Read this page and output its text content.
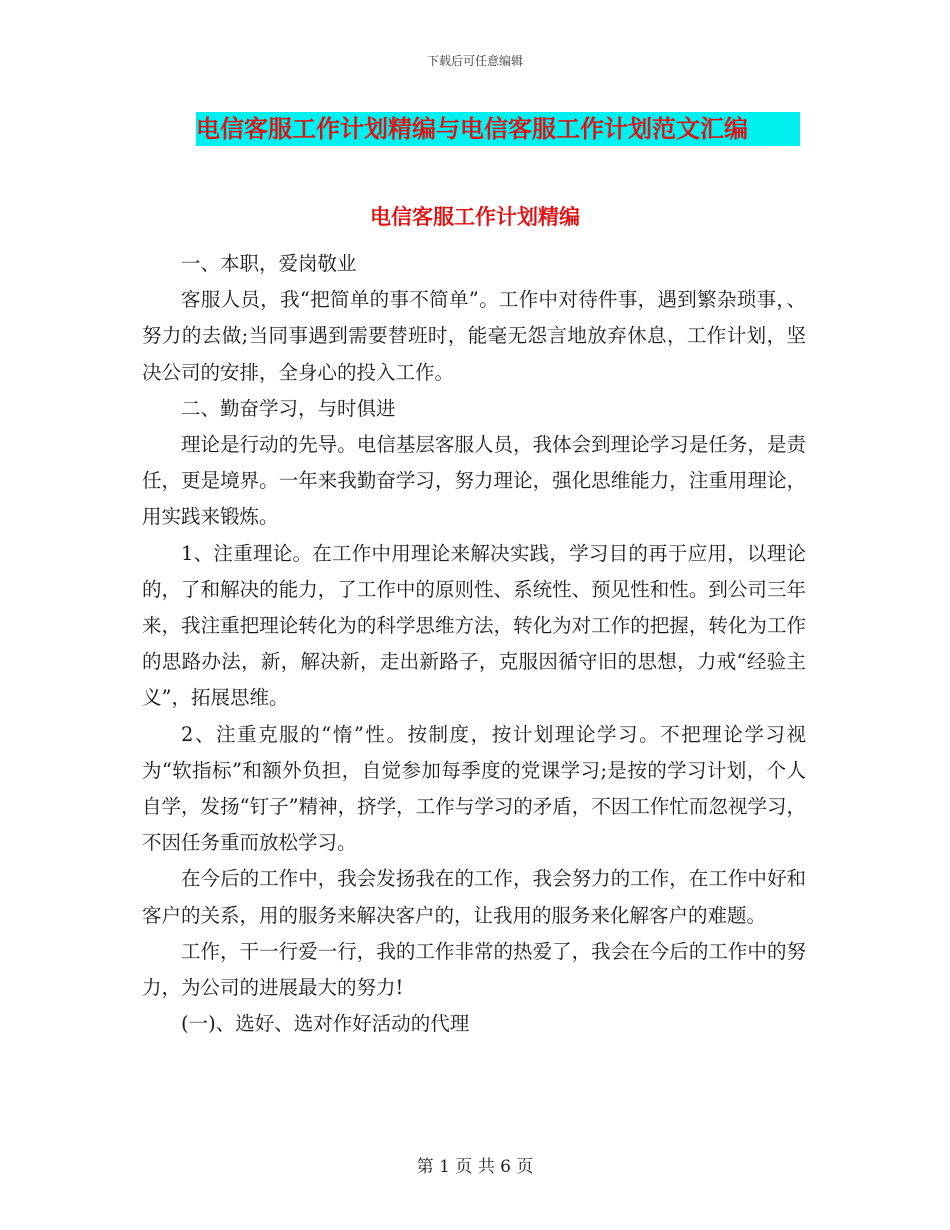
下载后可任意编辑
电信客服工作计划精编与电信客服工作计划范文汇编
电信客服工作计划精编

一、本职，爱岗敬业

客服人员，我“把简单的事不简单”。工作中对待件事，遇到繁杂琐事，、努力的去做;当同事遇到需要替班时，能毫无怨言地放弃休息，工作计划，坚决公司的安排，全身心的投入工作。

二、勤奋学习，与时俱进

理论是行动的先导。电信基层客服人员，我体会到理论学习是任务，是责任，更是境界。一年来我勤奋学习，努力理论，强化思维能力，注重用理论，用实践来锻炼。

1、注重理论。在工作中用理论来解决实践，学习目的再于应用，以理论的，了和解决的能力，了工作中的原则性、系统性、预见性和性。到公司三年来，我注重把理论转化为的科学思维方法，转化为对工作的把握，转化为工作的思路办法，新，解决新，走出新路子，克服因循守旧的思想，力戒“经验主义”，拓展思维。

2、注重克服的“惰”性。按制度，按计划理论学习。不把理论学习视为“软指标”和额外负担，自觉参加每季度的党课学习;是按的学习计划，个人自学，发扬“钉子”精神，挤学，工作与学习的矛盾，不因工作忙而忽视学习，不因任务重而放松学习。

在今后的工作中，我会发扬我在的工作，我会努力的工作，在工作中好和客户的关系，用的服务来解决客户的，让我用的服务来化解客户的难题。

工作，干一行爱一行，我的工作非常的热爱了，我会在今后的工作中的努力，为公司的进展最大的努力!

(一)、选好、选对作好活动的代理

第 1 页 共 6 页
